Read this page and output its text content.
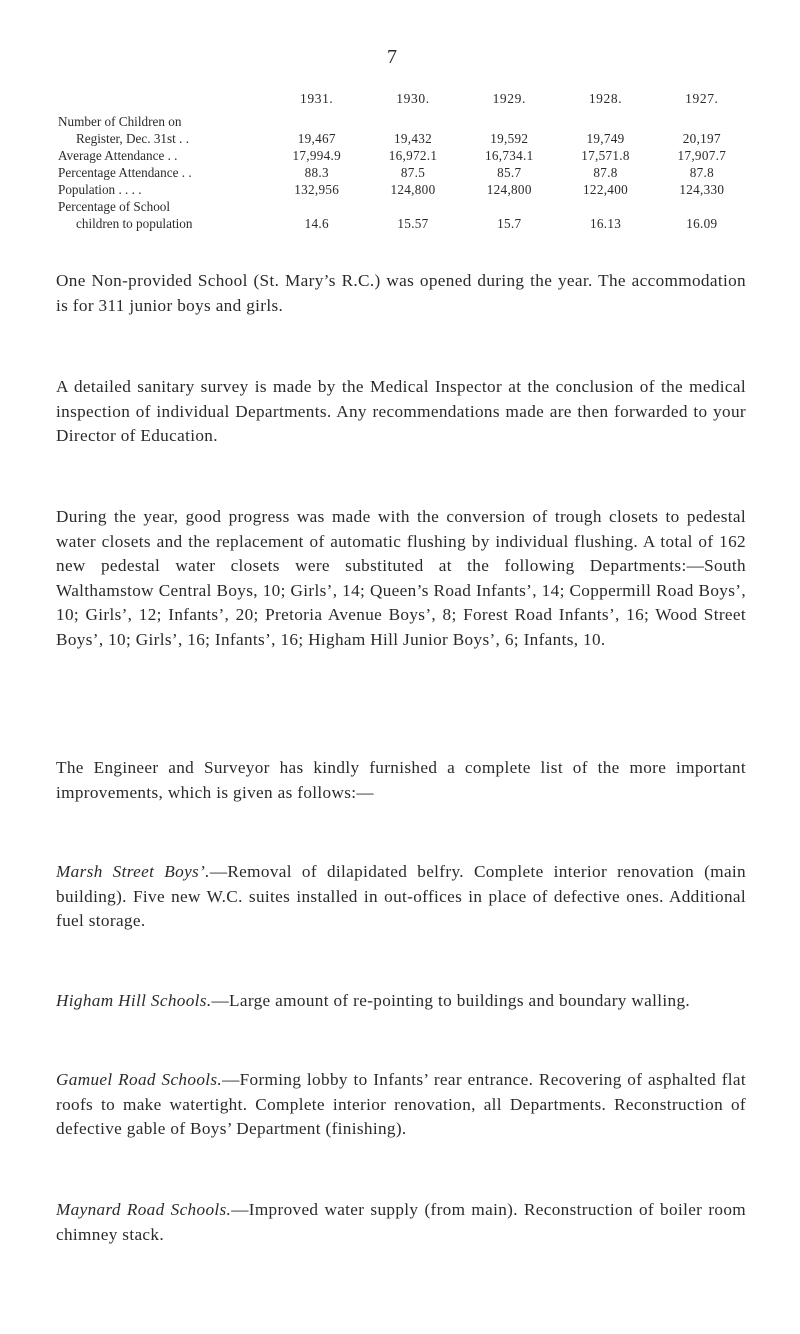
7
	1931.	1930.	1929.	1928.	1927.

Number of Children on
Register, Dec. 31st . .	19,467	19,432	19,592	19,749	20,197

Average Attendance . .	17,994.9	16,972.1	16,734.1	17,571.8	17,907.7

Percentage Attendance . .	88.3	87.5	85.7	87.8	87.8

Population . . . .	132,956	124,800	124,800	122,400	124,330

Percentage of School
children to population	14.6	15.57	15.7	16.13	16.09

One Non-provided School (St. Mary’s R.C.) was opened during the year. The accommodation is for 311 junior boys and girls.

A detailed sanitary survey is made by the Medical Inspector at the conclusion of the medical inspection of individual Departments. Any recommendations made are then forwarded to your Director of Education.

During the year, good progress was made with the conversion of trough closets to pedestal water closets and the replacement of automatic flushing by individual flushing. A total of 162 new pedestal water closets were substituted at the following Departments:—South Walthamstow Central Boys, 10; Girls’, 14; Queen’s Road Infants’, 14; Coppermill Road Boys’, 10; Girls’, 12; Infants’, 20; Pretoria Avenue Boys’, 8; Forest Road Infants’, 16; Wood Street Boys’, 10; Girls’, 16; Infants’, 16; Higham Hill Junior Boys’, 6; Infants, 10.

The Engineer and Surveyor has kindly furnished a complete list of the more important improvements, which is given as follows:—

Marsh Street Boys’.—Removal of dilapidated belfry. Complete interior renovation (main building). Five new W.C. suites installed in out-offices in place of defective ones. Additional fuel storage.

Higham Hill Schools.—Large amount of re-pointing to buildings and boundary walling.

Gamuel Road Schools.—Forming lobby to Infants’ rear entrance. Recovering of asphalted flat roofs to make watertight. Complete interior renovation, all Departments. Reconstruction of defective gable of Boys’ Department (finishing).

Maynard Road Schools.—Improved water supply (from main). Reconstruction of boiler room chimney stack.
